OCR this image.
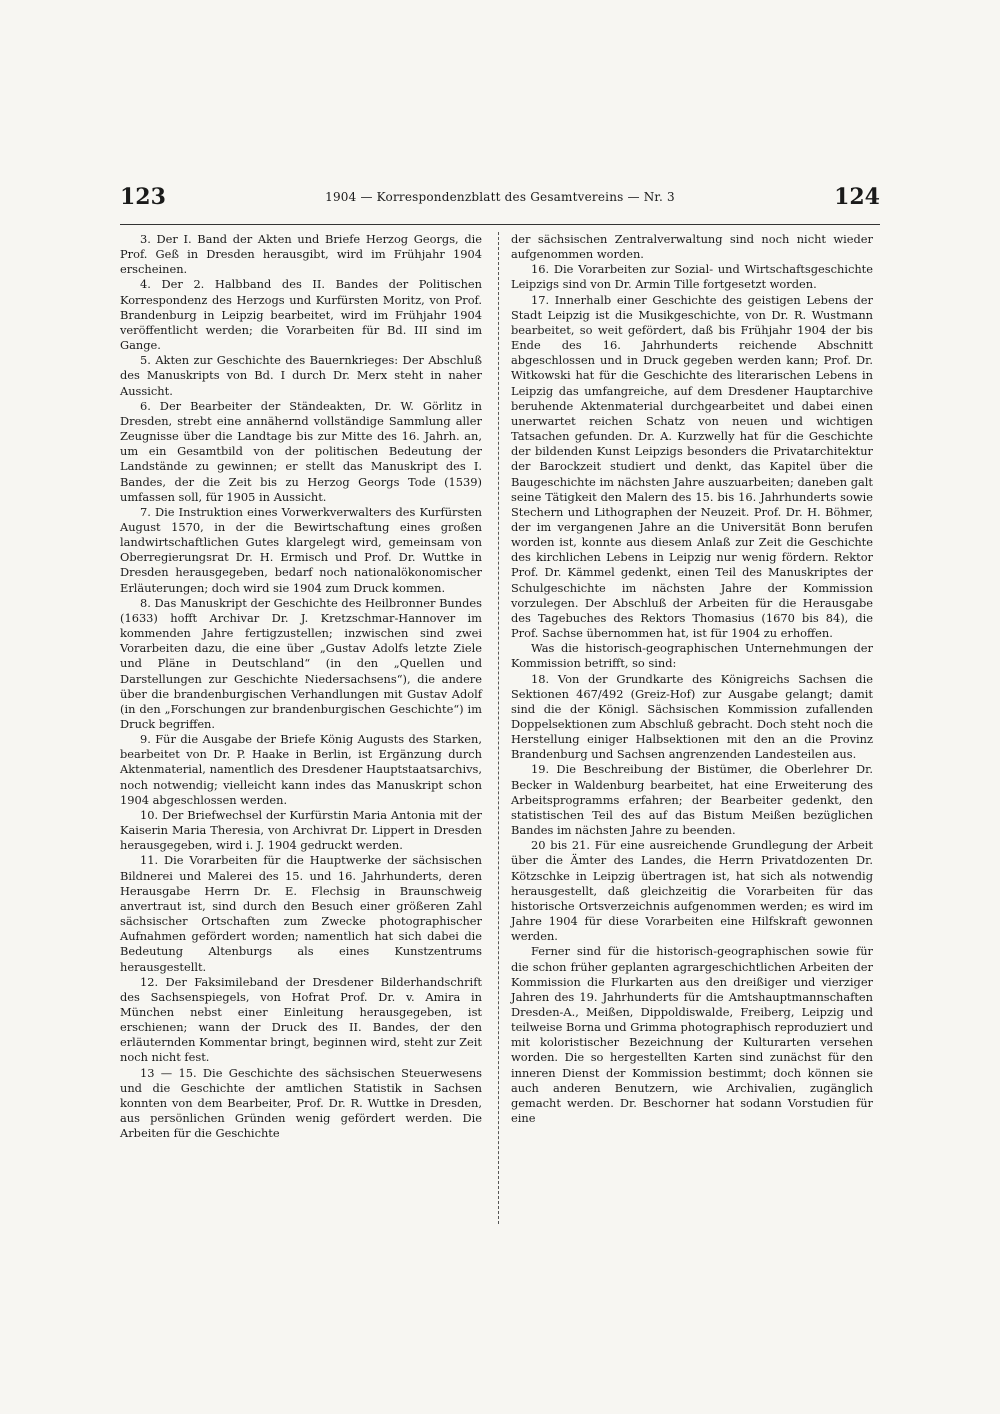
123	1904 — Korrespondenzblatt des Gesamtvereins — Nr. 3	124

3. Der I. Band der Akten und Briefe Herzog Georgs, die Prof. Geß in Dresden herausgibt, wird im Frühjahr 1904 erscheinen.

4. Der 2. Halbband des II. Bandes der Politischen Korrespondenz des Herzogs und Kurfürsten Moritz, von Prof. Brandenburg in Leipzig bearbeitet, wird im Frühjahr 1904 veröffentlicht werden; die Vorarbeiten für Bd. III sind im Gange.

5. Akten zur Geschichte des Bauernkrieges: Der Abschluß des Manuskripts von Bd. I durch Dr. Merx steht in naher Aussicht.

6. Der Bearbeiter der Ständeakten, Dr. W. Görlitz in Dresden, strebt eine annähernd vollständige Sammlung aller Zeugnisse über die Landtage bis zur Mitte des 16. Jahrh. an, um ein Gesamtbild von der politischen Bedeutung der Landstände zu gewinnen; er stellt das Manuskript des I. Bandes, der die Zeit bis zu Herzog Georgs Tode (1539) umfassen soll, für 1905 in Aussicht.

7. Die Instruktion eines Vorwerkverwalters des Kurfürsten August 1570, in der die Bewirtschaftung eines großen landwirtschaftlichen Gutes klargelegt wird, gemeinsam von Oberregierungsrat Dr. H. Ermisch und Prof. Dr. Wuttke in Dresden herausgegeben, bedarf noch nationalökonomischer Erläuterungen; doch wird sie 1904 zum Druck kommen.

8. Das Manuskript der Geschichte des Heilbronner Bundes (1633) hofft Archivar Dr. J. Kretzschmar-Hannover im kommenden Jahre fertigzustellen; inzwischen sind zwei Vorarbeiten dazu, die eine über „Gustav Adolfs letzte Ziele und Pläne in Deutschland“ (in den „Quellen und Darstellungen zur Geschichte Niedersachsens“), die andere über die brandenburgischen Verhandlungen mit Gustav Adolf (in den „Forschungen zur brandenburgischen Geschichte“) im Druck begriffen.

9. Für die Ausgabe der Briefe König Augusts des Starken, bearbeitet von Dr. P. Haake in Berlin, ist Ergänzung durch Aktenmaterial, namentlich des Dresdener Hauptstaatsarchivs, noch notwendig; vielleicht kann indes das Manuskript schon 1904 abgeschlossen werden.

10. Der Briefwechsel der Kurfürstin Maria Antonia mit der Kaiserin Maria Theresia, von Archivrat Dr. Lippert in Dresden herausgegeben, wird i. J. 1904 gedruckt werden.

11. Die Vorarbeiten für die Hauptwerke der sächsischen Bildnerei und Malerei des 15. und 16. Jahrhunderts, deren Herausgabe Herrn Dr. E. Flechsig in Braunschweig anvertraut ist, sind durch den Besuch einer größeren Zahl sächsischer Ortschaften zum Zwecke photographischer Aufnahmen gefördert worden; namentlich hat sich dabei die Bedeutung Altenburgs als eines Kunstzentrums herausgestellt.

12. Der Faksimileband der Dresdener Bilderhandschrift des Sachsenspiegels, von Hofrat Prof. Dr. v. Amira in München nebst einer Einleitung herausgegeben, ist erschienen; wann der Druck des II. Bandes, der den erläuternden Kommentar bringt, beginnen wird, steht zur Zeit noch nicht fest.

13 — 15. Die Geschichte des sächsischen Steuerwesens und die Geschichte der amtlichen Statistik in Sachsen konnten von dem Bearbeiter, Prof. Dr. R. Wuttke in Dresden, aus persönlichen Gründen wenig gefördert werden. Die Arbeiten für die Geschichte

der sächsischen Zentralverwaltung sind noch nicht wieder aufgenommen worden.

16. Die Vorarbeiten zur Sozial- und Wirtschaftsgeschichte Leipzigs sind von Dr. Armin Tille fortgesetzt worden.

17. Innerhalb einer Geschichte des geistigen Lebens der Stadt Leipzig ist die Musikgeschichte, von Dr. R. Wustmann bearbeitet, so weit gefördert, daß bis Frühjahr 1904 der bis Ende des 16. Jahrhunderts reichende Abschnitt abgeschlossen und in Druck gegeben werden kann; Prof. Dr. Witkowski hat für die Geschichte des literarischen Lebens in Leipzig das umfangreiche, auf dem Dresdener Hauptarchive beruhende Aktenmaterial durchgearbeitet und dabei einen unerwartet reichen Schatz von neuen und wichtigen Tatsachen gefunden. Dr. A. Kurzwelly hat für die Geschichte der bildenden Kunst Leipzigs besonders die Privatarchitektur der Barockzeit studiert und denkt, das Kapitel über die Baugeschichte im nächsten Jahre auszuarbeiten; daneben galt seine Tätigkeit den Malern des 15. bis 16. Jahrhunderts sowie Stechern und Lithographen der Neuzeit. Prof. Dr. H. Böhmer, der im vergangenen Jahre an die Universität Bonn berufen worden ist, konnte aus diesem Anlaß zur Zeit die Geschichte des kirchlichen Lebens in Leipzig nur wenig fördern. Rektor Prof. Dr. Kämmel gedenkt, einen Teil des Manuskriptes der Schulgeschichte im nächsten Jahre der Kommission vorzulegen. Der Abschluß der Arbeiten für die Herausgabe des Tagebuches des Rektors Thomasius (1670 bis 84), die Prof. Sachse übernommen hat, ist für 1904 zu erhoffen.

Was die historisch-geographischen Unternehmungen der Kommission betrifft, so sind:

18. Von der Grundkarte des Königreichs Sachsen die Sektionen 467/492 (Greiz-Hof) zur Ausgabe gelangt; damit sind die der Königl. Sächsischen Kommission zufallenden Doppelsektionen zum Abschluß gebracht. Doch steht noch die Herstellung einiger Halbsektionen mit den an die Provinz Brandenburg und Sachsen angrenzenden Landesteilen aus.

19. Die Beschreibung der Bistümer, die Oberlehrer Dr. Becker in Waldenburg bearbeitet, hat eine Erweiterung des Arbeitsprogramms erfahren; der Bearbeiter gedenkt, den statistischen Teil des auf das Bistum Meißen bezüglichen Bandes im nächsten Jahre zu beenden.

20 bis 21. Für eine ausreichende Grundlegung der Arbeit über die Ämter des Landes, die Herrn Privatdozenten Dr. Kötzschke in Leipzig übertragen ist, hat sich als notwendig herausgestellt, daß gleichzeitig die Vorarbeiten für das historische Ortsverzeichnis aufgenommen werden; es wird im Jahre 1904 für diese Vorarbeiten eine Hilfskraft gewonnen werden.

Ferner sind für die historisch-geographischen sowie für die schon früher geplanten agrargeschichtlichen Arbeiten der Kommission die Flurkarten aus den dreißiger und vierziger Jahren des 19. Jahrhunderts für die Amtshauptmannschaften Dresden-A., Meißen, Dippoldiswalde, Freiberg, Leipzig und teilweise Borna und Grimma photographisch reproduziert und mit koloristischer Bezeichnung der Kulturarten versehen worden. Die so hergestellten Karten sind zunächst für den inneren Dienst der Kommission bestimmt; doch können sie auch anderen Benutzern, wie Archivalien, zugänglich gemacht werden. Dr. Beschorner hat sodann Vorstudien für eine
